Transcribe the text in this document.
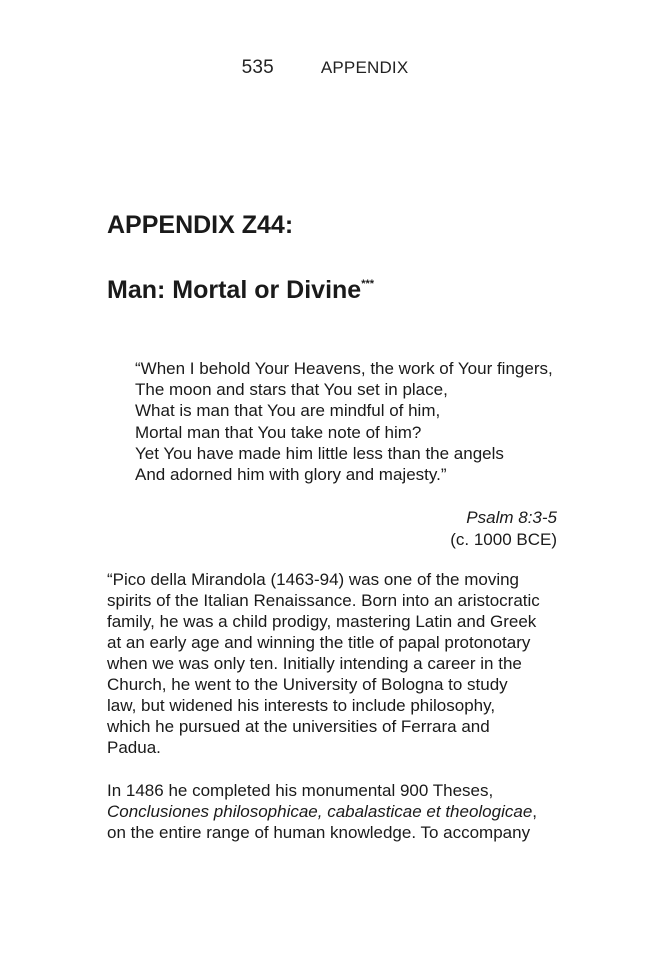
535	APPENDIX
APPENDIX Z44:
Man: Mortal or Divine***
“When I behold Your Heavens, the work of Your fingers,
The moon and stars that You set in place,
What is man that You are mindful of him,
Mortal man that You take note of him?
Yet You have made him little less than the angels
And adorned him with glory and majesty.”
Psalm 8:3-5
(c. 1000 BCE)
“Pico della Mirandola (1463-94) was one of the moving
spirits of the Italian Renaissance. Born into an aristocratic
family, he was a child prodigy, mastering Latin and Greek
at an early age and winning the title of papal protonotary
when we was only ten. Initially intending a career in the
Church, he went to the University of Bologna to study
law, but widened his interests to include philosophy,
which he pursued at the universities of Ferrara and
Padua.
In 1486 he completed his monumental 900 Theses,
Conclusiones philosophicae, cabalasticae et theologicae,
on the entire range of human knowledge. To accompany
